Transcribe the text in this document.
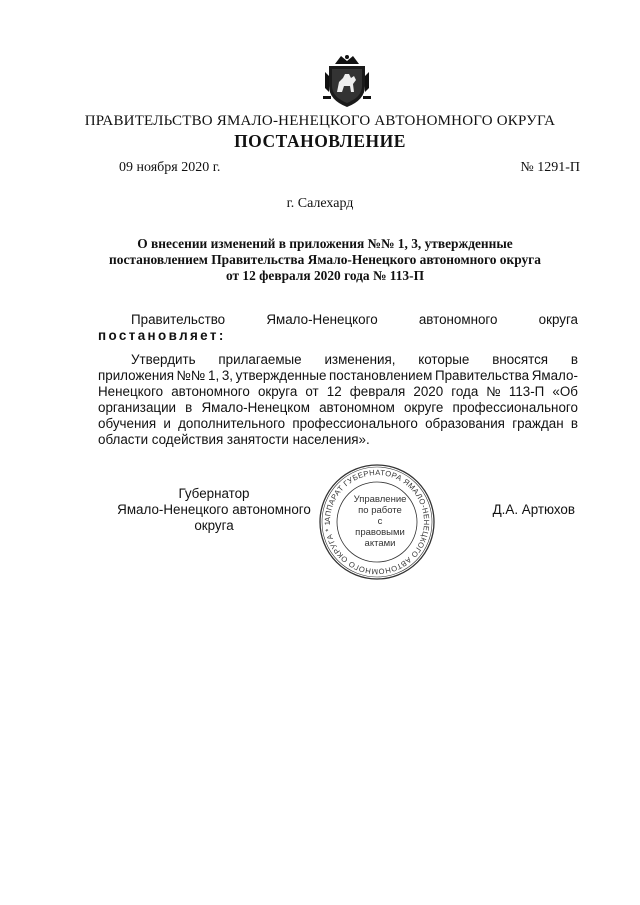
ПРАВИТЕЛЬСТВО ЯМАЛО-НЕНЕЦКОГО АВТОНОМНОГО ОКРУГА
ПОСТАНОВЛЕНИЕ
09 ноября 2020 г.	№ 1291-П
г. Салехард
О внесении изменений в приложения №№ 1, 3, утвержденные
постановлением Правительства Ямало-Ненецкого автономного округа
от 12 февраля 2020 года № 113-П
Правительство	Ямало-Ненецкого	автономного	округа
постановляет:
Утвердить прилагаемые изменения, которые вносятся в
приложения №№ 1, 3, утвержденные постановлением Правительства Ямало-
Ненецкого автономного округа от 12 февраля 2020 года № 113-П «Об
организации в Ямало-Ненецком автономном округе профессионального
обучения и дополнительного профессионального образования граждан в
области содействия занятости населения».
Губернатор
Ямало-Ненецкого автономного округа	АППАРАТ ГУБЕРНАТОРА ЯМАЛО-НЕНЕЦКОГО АВТОНОМНОГО ОКРУГА * 1
Управление
по работе
с правовыми
актами
Д.А. Артюхов
